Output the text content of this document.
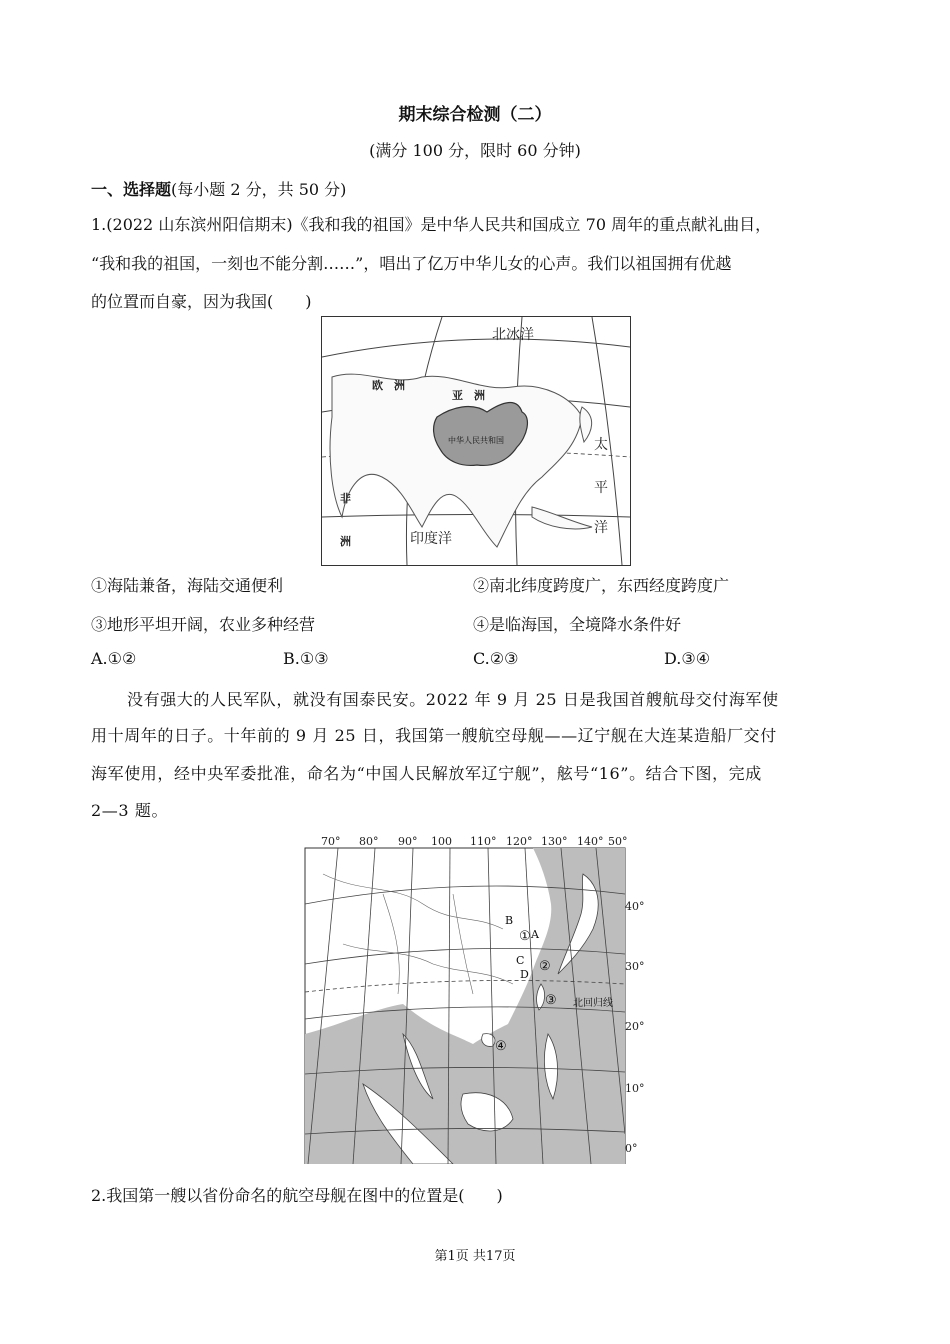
期末综合检测（二）
(满分 100 分，限时 60 分钟)
一、选择题(每小题 2 分，共 50 分)
1.(2022 山东滨州阳信期末)《我和我的祖国》是中华人民共和国成立 70 周年的重点献礼曲目，
“我和我的祖国，一刻也不能分割……”，唱出了亿万中华儿女的心声。我们以祖国拥有优越
的位置而自豪，因为我国(　　)
北冰洋
欧　洲
亚　洲
中华人民共和国	太
平
洋
非
洲	印度洋
①海陆兼备，海陆交通便利	②南北纬度跨度广，东西经度跨度广
③地形平坦开阔，农业多种经营	④是临海国，全境降水条件好
A.①②	B.①③	C.②③	D.③④
没有强大的人民军队，就没有国泰民安。2022 年 9 月 25 日是我国首艘航母交付海军使
用十周年的日子。十年前的 9 月 25 日，我国第一艘航空母舰——辽宁舰在大连某造船厂交付
海军使用，经中央军委批准，命名为“中国人民解放军辽宁舰”，舷号“16”。结合下图，完成
2—3 题。
70° 80° 90° 100 110° 120° 130° 140° 50°
40°
30°
20°
10°
0°
A
B
C
D
①
②
③
④
北回归线
2.我国第一艘以省份命名的航空母舰在图中的位置是(　　)
第1页 共17页
